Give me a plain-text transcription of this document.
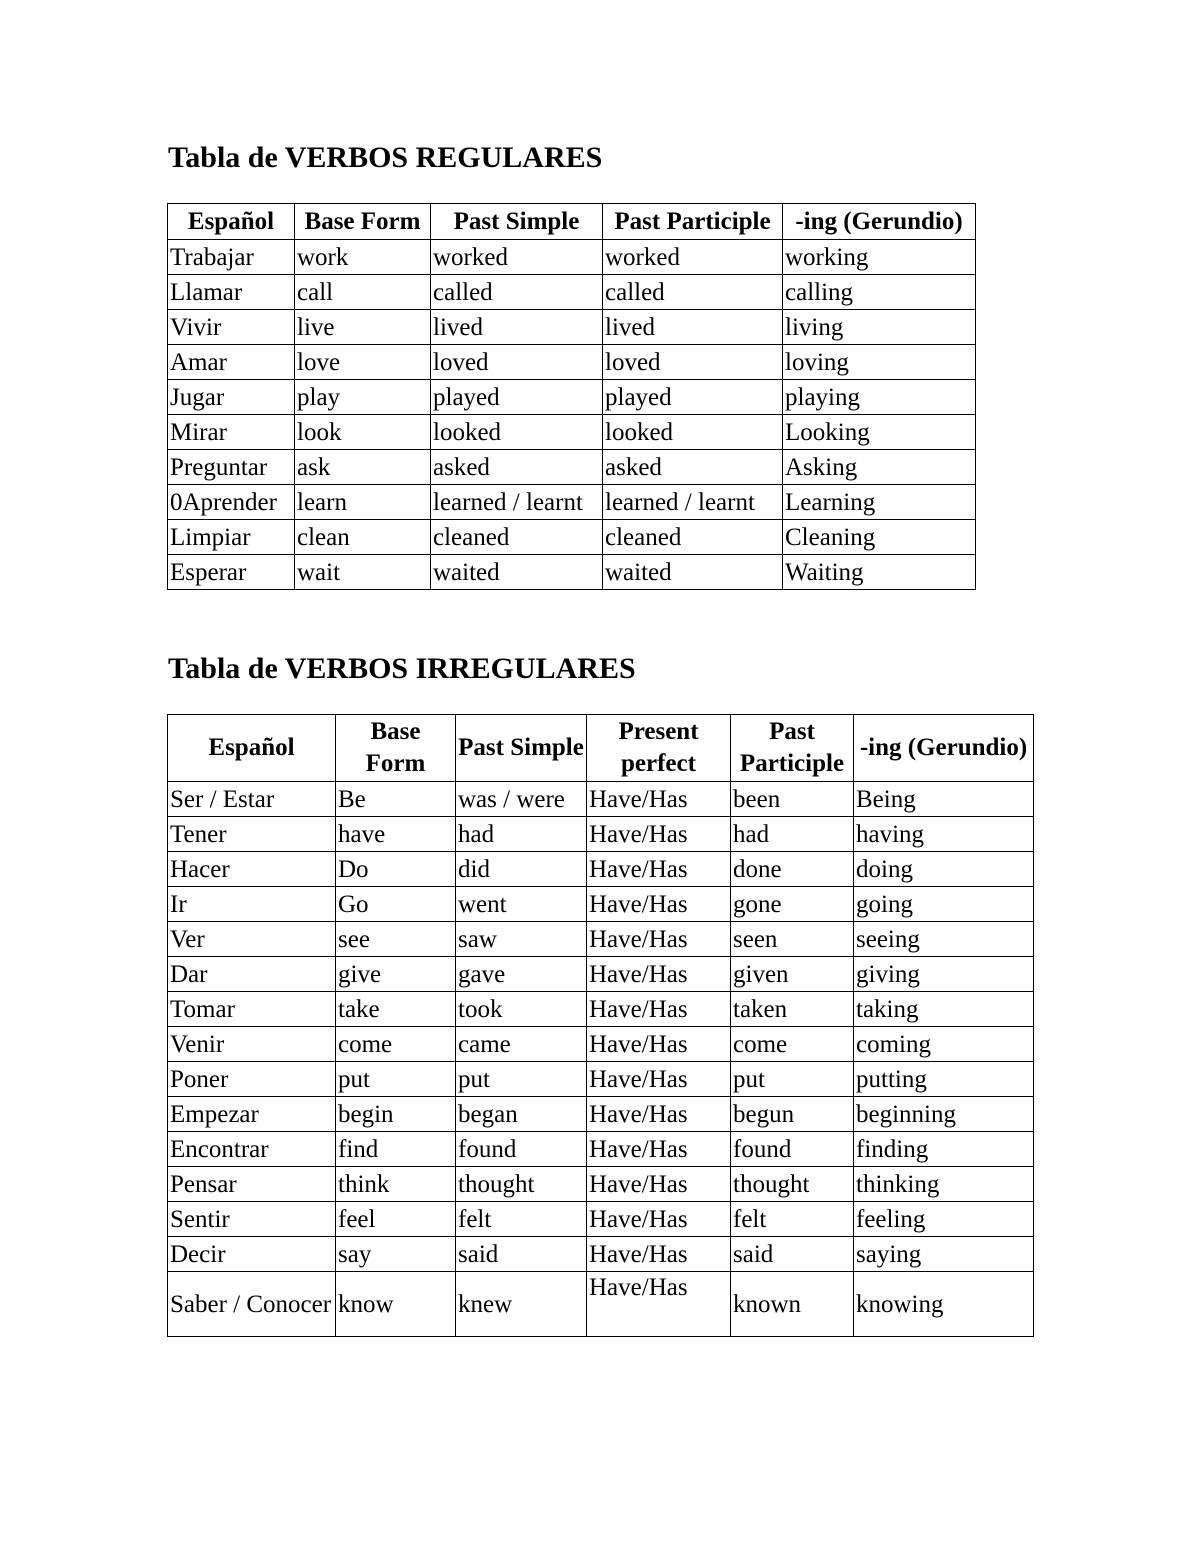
Tabla de VERBOS REGULARES
Español	Base Form	Past Simple	Past Participle	-ing (Gerundio)
Trabajar	work	worked	worked	working
Llamar	call	called	called	calling
Vivir	live	lived	lived	living
Amar	love	loved	loved	loving
Jugar	play	played	played	playing
Mirar	look	looked	looked	Looking
Preguntar	ask	asked	asked	Asking
0Aprender	learn	learned / learnt	learned / learnt	Learning
Limpiar	clean	cleaned	cleaned	Cleaning
Esperar	wait	waited	waited	Waiting
Tabla de VERBOS IRREGULARES
Español	Base Form	Past Simple	Present perfect	Past Participle	-ing (Gerundio)
Ser / Estar	Be	was / were	Have/Has	been	Being
Tener	have	had	Have/Has	had	having
Hacer	Do	did	Have/Has	done	doing
Ir	Go	went	Have/Has	gone	going
Ver	see	saw	Have/Has	seen	seeing
Dar	give	gave	Have/Has	given	giving
Tomar	take	took	Have/Has	taken	taking
Venir	come	came	Have/Has	come	coming
Poner	put	put	Have/Has	put	putting
Empezar	begin	began	Have/Has	begun	beginning
Encontrar	find	found	Have/Has	found	finding
Pensar	think	thought	Have/Has	thought	thinking
Sentir	feel	felt	Have/Has	felt	feeling
Decir	say	said	Have/Has	said	saying
Saber / Conocer	know	knew	Have/Has	known	knowing
